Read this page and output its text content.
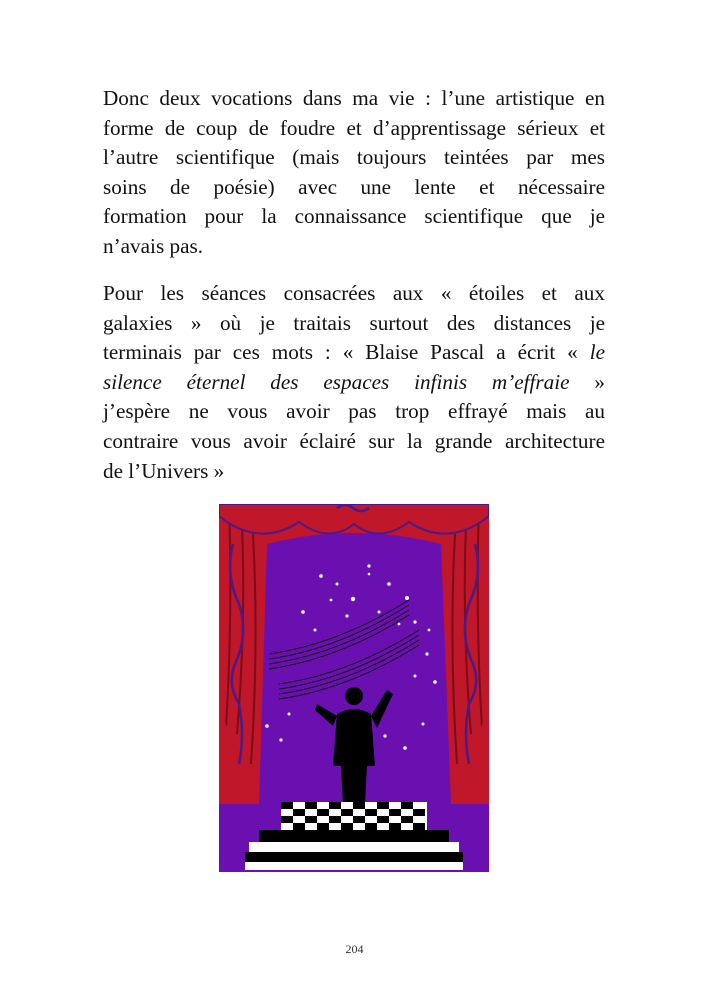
Donc deux vocations dans ma vie : l’une artistique en
forme de coup de foudre et d’apprentissage sérieux et
l’autre scientifique (mais toujours teintées par mes
soins de poésie) avec une lente et nécessaire
formation pour la connaissance scientifique que je
n’avais pas.
Pour les séances consacrées aux « étoiles et aux
galaxies » où je traitais surtout des distances je
terminais par ces mots : « Blaise Pascal a écrit « le
silence éternel des espaces infinis m’effraie »
j’espère ne vous avoir pas trop effrayé mais au
contraire vous avoir éclairé sur la grande architecture
de l’Univers »
204
